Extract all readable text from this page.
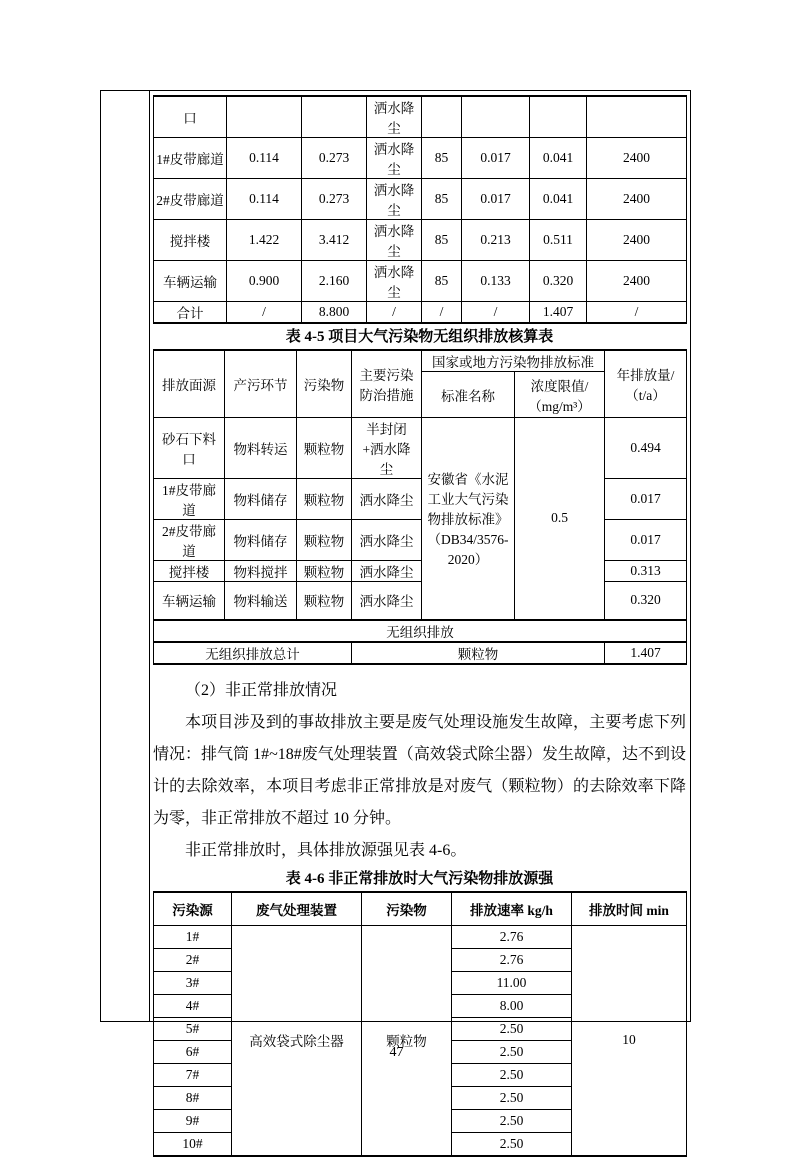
口			洒水降尘				
1#皮带廊道	0.114	0.273	洒水降尘	85	0.017	0.041	2400
2#皮带廊道	0.114	0.273	洒水降尘	85	0.017	0.041	2400
搅拌楼	1.422	3.412	洒水降尘	85	0.213	0.511	2400
车辆运输	0.900	2.160	洒水降尘	85	0.133	0.320	2400
合计	/	8.800	/	/	/	1.407	/
表 4-5 项目大气污染物无组织排放核算表
排放面源	产污环节	污染物	主要污染防治措施	国家或地方污染物排放标准		年排放量/（t/a）
				标准名称	浓度限值/（mg/m³）	
砂石下料口	物料转运	颗粒物	半封闭+洒水降尘	安徽省《水泥工业大气污染物排放标准》（DB34/3576-2020）	0.5	0.494
1#皮带廊道	物料储存	颗粒物	洒水降尘			0.017
2#皮带廊道	物料储存	颗粒物	洒水降尘			0.017
搅拌楼	物料搅拌	颗粒物	洒水降尘			0.313
车辆运输	物料输送	颗粒物	洒水降尘			0.320
无组织排放						
无组织排放总计			颗粒物			1.407
（2）非正常排放情况

本项目涉及到的事故排放主要是废气处理设施发生故障，主要考虑下列情况：排气筒 1#~18#废气处理装置（高效袋式除尘器）发生故障，达不到设计的去除效率，本项目考虑非正常排放是对废气（颗粒物）的去除效率下降为零，非正常排放不超过 10 分钟。

非正常排放时，具体排放源强见表 4-6。

表 4-6 非正常排放时大气污染物排放源强
污染源	废气处理装置	污染物	排放速率 kg/h	排放时间 min
1#	高效袋式除尘器	颗粒物	2.76	10
2#			2.76	
3#			11.00	
4#			8.00	
5#			2.50	
6#			2.50	
7#			2.50	
8#			2.50	
9#			2.50	
10#			2.50	
47
